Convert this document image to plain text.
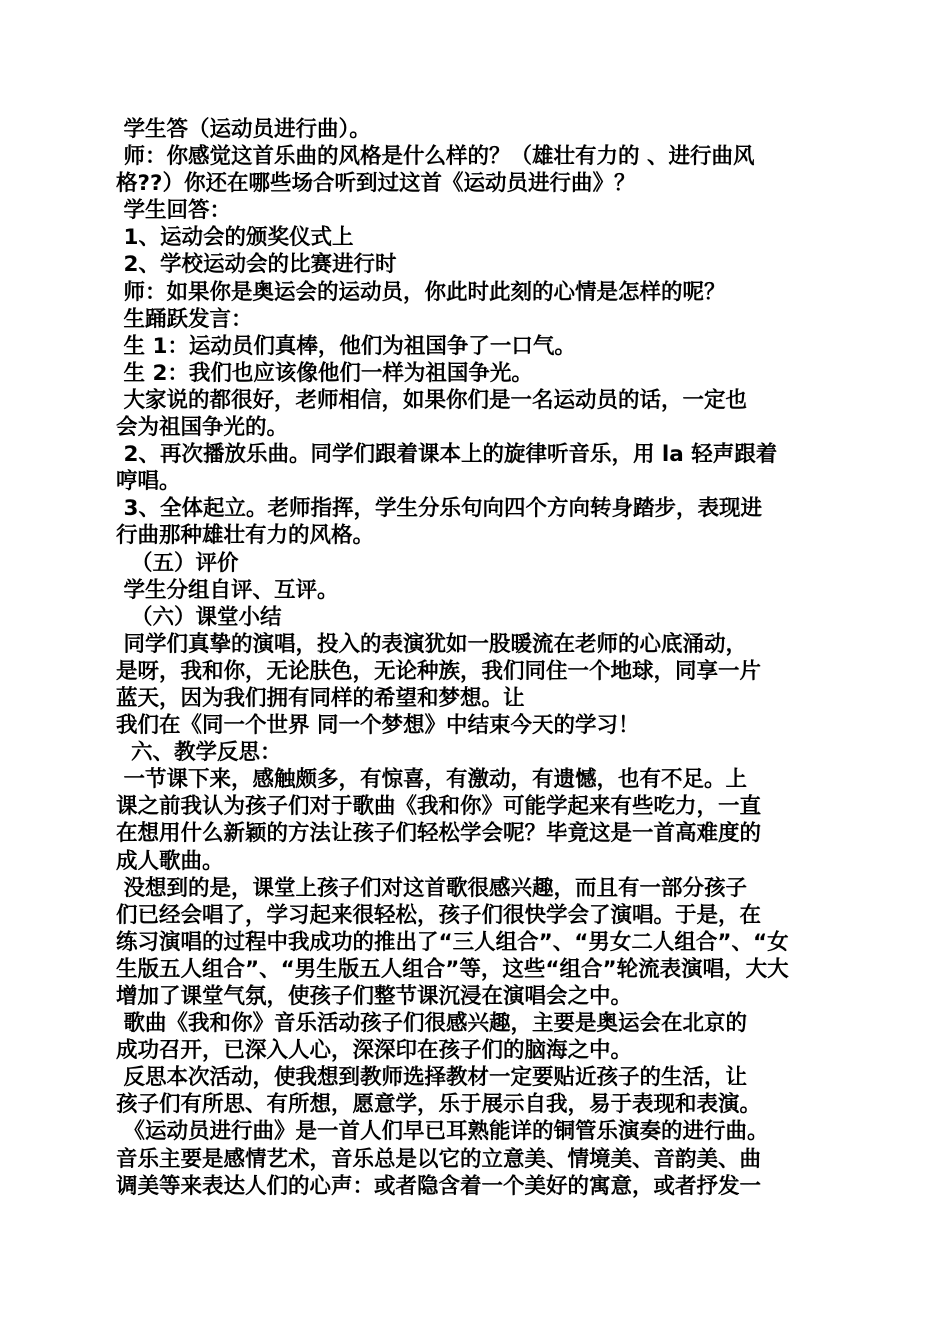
学生答（运动员进行曲）。
师：你感觉这首乐曲的风格是什么样的？（雄壮有力的 、进行曲风
格??）你还在哪些场合听到过这首《运动员进行曲》？
学生回答：
1、运动会的颁奖仪式上
2、学校运动会的比赛进行时
师：如果你是奥运会的运动员，你此时此刻的心情是怎样的呢？
生踊跃发言：
生 1：运动员们真棒，他们为祖国争了一口气。
生 2：我们也应该像他们一样为祖国争光。
大家说的都很好，老师相信，如果你们是一名运动员的话，一定也
会为祖国争光的。
2、再次播放乐曲。同学们跟着课本上的旋律听音乐，用 la 轻声跟着
哼唱。
3、全体起立。老师指挥，学生分乐句向四个方向转身踏步，表现进
行曲那种雄壮有力的风格。
（五）评价
学生分组自评、互评。
（六）课堂小结
同学们真挚的演唱，投入的表演犹如一股暖流在老师的心底涌动，
是呀，我和你，无论肤色，无论种族，我们同住一个地球，同享一片
蓝天，因为我们拥有同样的希望和梦想。让
我们在《同一个世界 同一个梦想》中结束今天的学习！
六、教学反思：
一节课下来，感触颇多，有惊喜，有激动，有遗憾，也有不足。上
课之前我认为孩子们对于歌曲《我和你》可能学起来有些吃力，一直
在想用什么新颖的方法让孩子们轻松学会呢？毕竟这是一首高难度的
成人歌曲。
没想到的是，课堂上孩子们对这首歌很感兴趣，而且有一部分孩子
们已经会唱了，学习起来很轻松，孩子们很快学会了演唱。于是，在
练习演唱的过程中我成功的推出了“三人组合”、“男女二人组合”、“女
生版五人组合”、“男生版五人组合”等，这些“组合”轮流表演唱，大大
增加了课堂气氛，使孩子们整节课沉浸在演唱会之中。
歌曲《我和你》音乐活动孩子们很感兴趣，主要是奥运会在北京的
成功召开，已深入人心，深深印在孩子们的脑海之中。
反思本次活动，使我想到教师选择教材一定要贴近孩子的生活，让
孩子们有所思、有所想，愿意学，乐于展示自我，易于表现和表演。
《运动员进行曲》是一首人们早已耳熟能详的铜管乐演奏的进行曲。
音乐主要是感情艺术，音乐总是以它的立意美、情境美、音韵美、曲
调美等来表达人们的心声：或者隐含着一个美好的寓意，或者抒发一
